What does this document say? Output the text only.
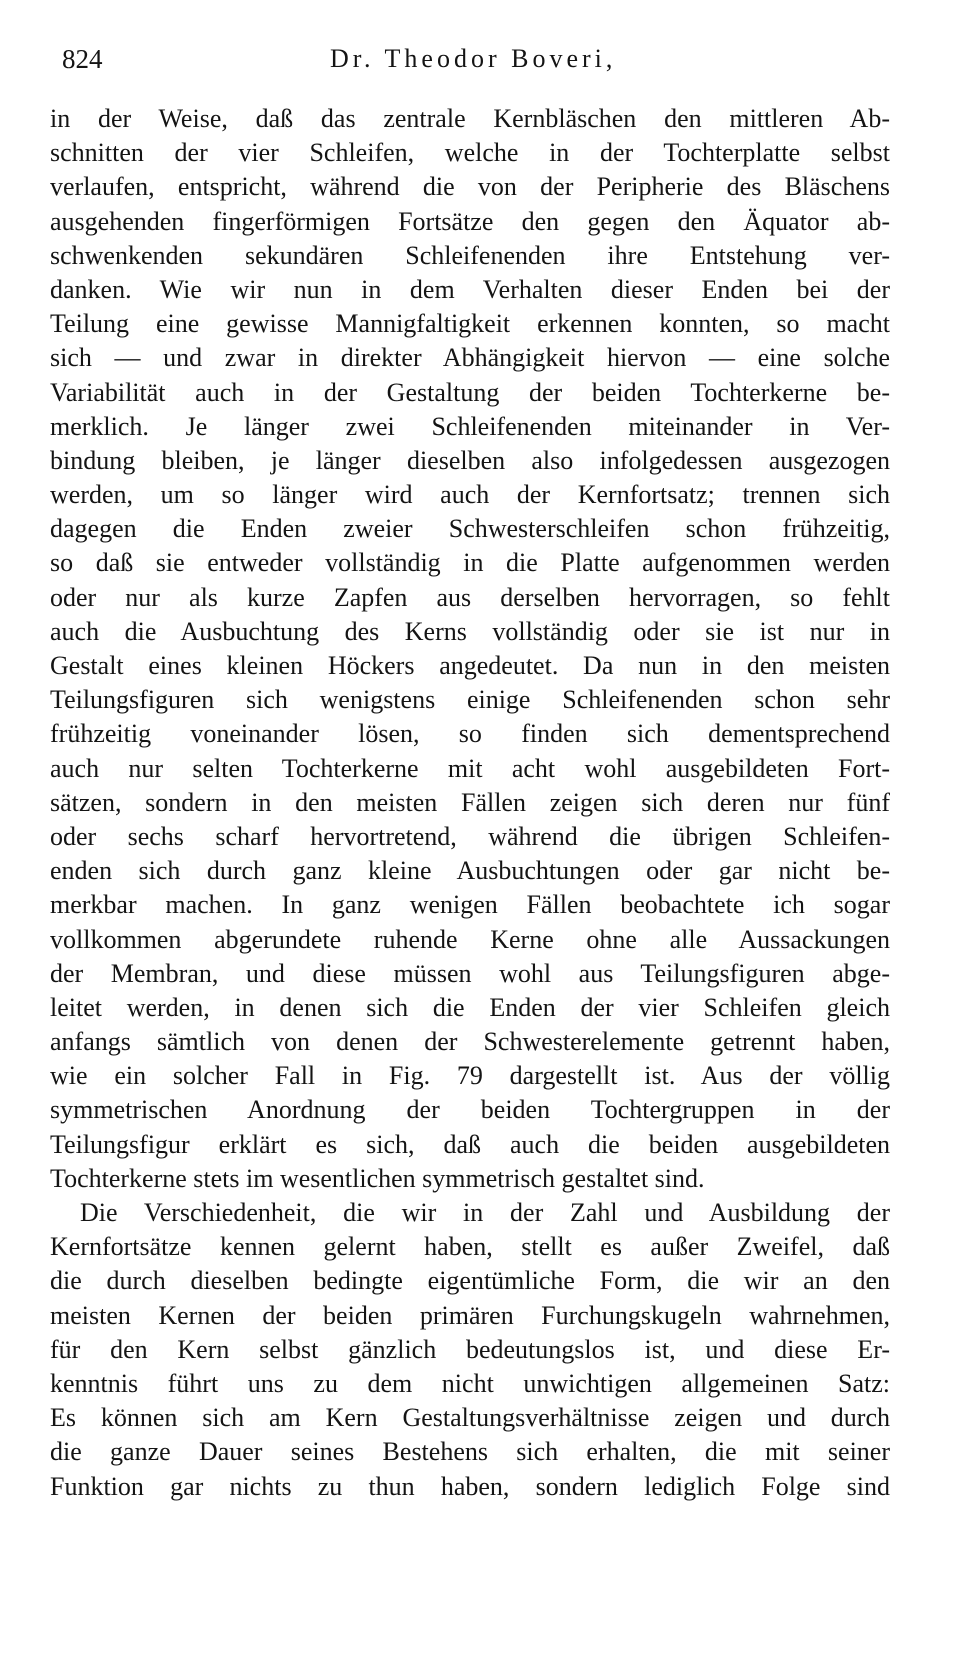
824	Dr. Theodor Boveri,
in der Weise, daß das zentrale Kernbläschen den mittleren Ab-
schnitten der vier Schleifen, welche in der Tochterplatte selbst
verlaufen, entspricht, während die von der Peripherie des Bläschens
ausgehenden fingerförmigen Fortsätze den gegen den Äquator ab-
schwenkenden sekundären Schleifenenden ihre Entstehung ver-
danken. Wie wir nun in dem Verhalten dieser Enden bei der
Teilung eine gewisse Mannigfaltigkeit erkennen konnten, so macht
sich — und zwar in direkter Abhängigkeit hiervon — eine solche
Variabilität auch in der Gestaltung der beiden Tochterkerne be-
merklich. Je länger zwei Schleifenenden miteinander in Ver-
bindung bleiben, je länger dieselben also infolgedessen ausgezogen
werden, um so länger wird auch der Kernfortsatz; trennen sich
dagegen die Enden zweier Schwesterschleifen schon frühzeitig,
so daß sie entweder vollständig in die Platte aufgenommen werden
oder nur als kurze Zapfen aus derselben hervorragen, so fehlt
auch die Ausbuchtung des Kerns vollständig oder sie ist nur in
Gestalt eines kleinen Höckers angedeutet. Da nun in den meisten
Teilungsfiguren sich wenigstens einige Schleifenenden schon sehr
frühzeitig voneinander lösen, so finden sich dementsprechend
auch nur selten Tochterkerne mit acht wohl ausgebildeten Fort-
sätzen, sondern in den meisten Fällen zeigen sich deren nur fünf
oder sechs scharf hervortretend, während die übrigen Schleifen-
enden sich durch ganz kleine Ausbuchtungen oder gar nicht be-
merkbar machen. In ganz wenigen Fällen beobachtete ich sogar
vollkommen abgerundete ruhende Kerne ohne alle Aussackungen
der Membran, und diese müssen wohl aus Teilungsfiguren abge-
leitet werden, in denen sich die Enden der vier Schleifen gleich
anfangs sämtlich von denen der Schwesterelemente getrennt haben,
wie ein solcher Fall in Fig. 79 dargestellt ist. Aus der völlig
symmetrischen Anordnung der beiden Tochtergruppen in der
Teilungsfigur erklärt es sich, daß auch die beiden ausgebildeten
Tochterkerne stets im wesentlichen symmetrisch gestaltet sind.
Die Verschiedenheit, die wir in der Zahl und Ausbildung der
Kernfortsätze kennen gelernt haben, stellt es außer Zweifel, daß
die durch dieselben bedingte eigentümliche Form, die wir an den
meisten Kernen der beiden primären Furchungskugeln wahrnehmen,
für den Kern selbst gänzlich bedeutungslos ist, und diese Er-
kenntnis führt uns zu dem nicht unwichtigen allgemeinen Satz:
Es können sich am Kern Gestaltungsverhältnisse zeigen und durch
die ganze Dauer seines Bestehens sich erhalten, die mit seiner
Funktion gar nichts zu thun haben, sondern lediglich Folge sind
